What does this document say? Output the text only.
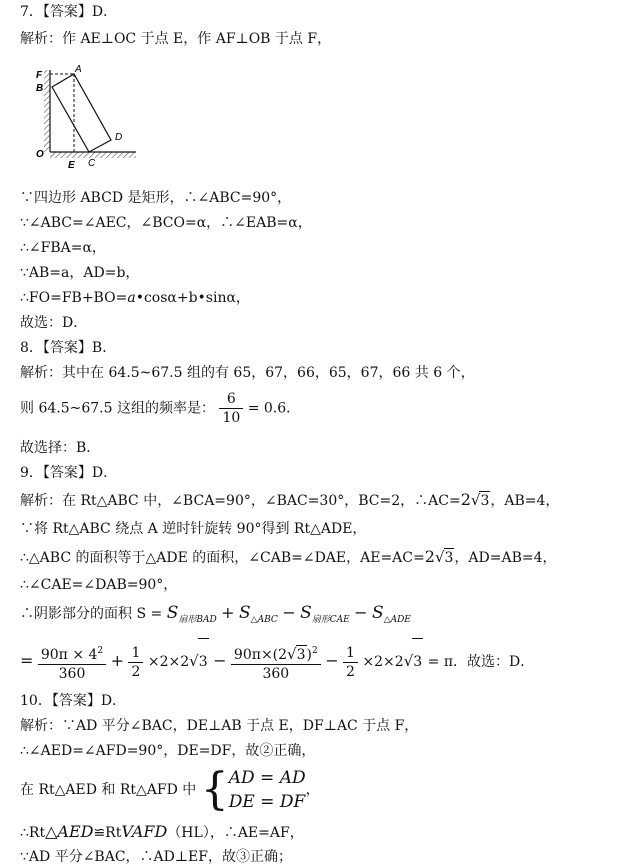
7．【答案】D．
解析：作 AE⊥OC 于点 E，作 AF⊥OB 于点 F，
F
A
B
D
O
E C
∵四边形 ABCD 是矩形，∴∠ABC=90°，
∵∠ABC=∠AEC，∠BCO=α，∴∠EAB=α，
∴∠FBA=α，
∵AB=a，AD=b，
∴FO=FB+BO=a•cosα+b•sinα，
故选：D．
8．【答案】B．
解析：其中在 64.5~67.5 组的有 65，67，66，65，67，66 共 6 个，
则 64.5~67.5 这组的频率是： $\frac{6}{10} = 0.6$．
故选择：B．
9．【答案】D．
解析：在 Rt△ABC 中，∠BCA=90°，∠BAC=30°，BC=2，∴AC=2√3，AB=4，
∵将 Rt△ABC 绕点 A 逆时针旋转 90°得到 Rt△ADE，
∴△ABC 的面积等于△ADE 的面积，∠CAB=∠DAE，AE=AC=2√3，AD=AB=4，
∴∠CAE=∠DAB=90°，
∴阴影部分的面积 $S = S_{扇形BAD} + S_{\triangle ABC} - S_{扇形CAE} - S_{\triangle ADE}$
= $\frac{90\pi \times 4^2}{360} + \frac{1}{2} \times 2\times 2√3 - \frac{90\pi\times(2√3)^2}{360} - \frac{1}{2} \times 2\times 2√3 = \pi$．故选：D．
10．【答案】D．
解析：∵AD 平分∠BAC，DE⊥AB 于点 E，DF⊥AC 于点 F，
∴∠AED=∠AFD=90°，DE=DF，故②正确，
在 Rt△AED 和 Rt△AFD 中 { AD = AD
DE = DF
，
∴Rt△AED≌RtVAFD（HL），∴AE=AF，
∵AD 平分∠BAC，∴AD⊥EF，故③正确；
